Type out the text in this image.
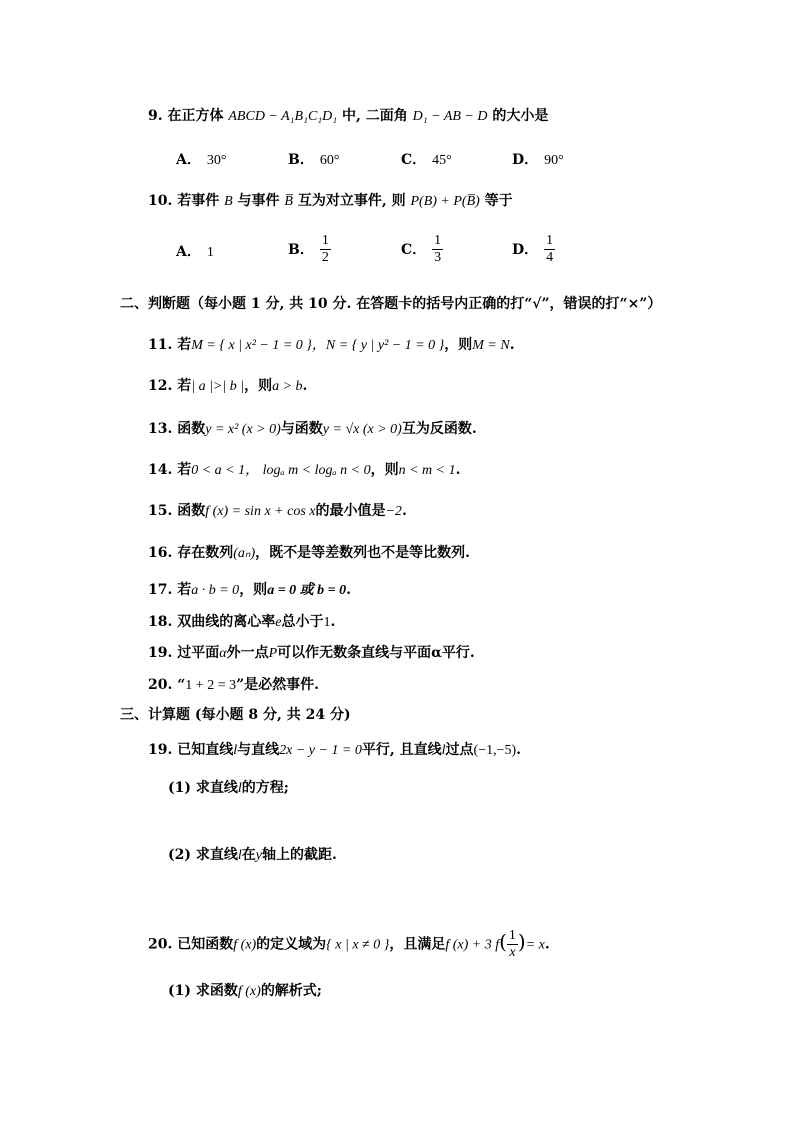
9. 在正方体 ABCD − A₁B₁C₁D₁ 中, 二面角 D₁ − AB − D 的大小是
A． 30°	B． 60°	C． 45°	D． 90°
10. 若事件 B 与事件 B̅ 互为对立事件, 则 P(B) + P(B̅) 等于
A． 1	B． $\frac{1}{2}$	C． $\frac{1}{3}$	D． $\frac{1}{4}$
二、判断题（每小题 1 分, 共 10 分. 在答题卡的括号内正确的打“√”，错误的打“×”）
11. 若M = { x | x² − 1 = 0 }，N = { y | y² − 1 = 0 }，则M = N.
12. 若| a |>| b |，则a > b.
13. 函数y = x² (x > 0)与函数y = √x (x > 0)互为反函数.
14. 若0 < a < 1， logₐ m < logₐ n < 0，则n < m < 1.
15. 函数f (x) = sin x + cos x的最小值是−2.
16. 存在数列(aₙ)，既不是等差数列也不是等比数列.
17. 若a · b = 0，则a = 0 或 b = 0.
18. 双曲线的离心率e总小于1.
19. 过平面α外一点P可以作无数条直线与平面α平行.
20. “1 + 2 = 3”是必然事件.
三、计算题 (每小题 8 分, 共 24 分)
19. 已知直线l与直线2x − y − 1 = 0平行, 且直线l过点(−1,−5).
(1) 求直线l的方程;
(2) 求直线l在y轴上的截距.
20. 已知函数f (x)的定义域为{ x | x ≠ 0 }，且满足f (x) + 3 $f( \frac{1}{x}$ )= x.
(1) 求函数f (x)的解析式;
